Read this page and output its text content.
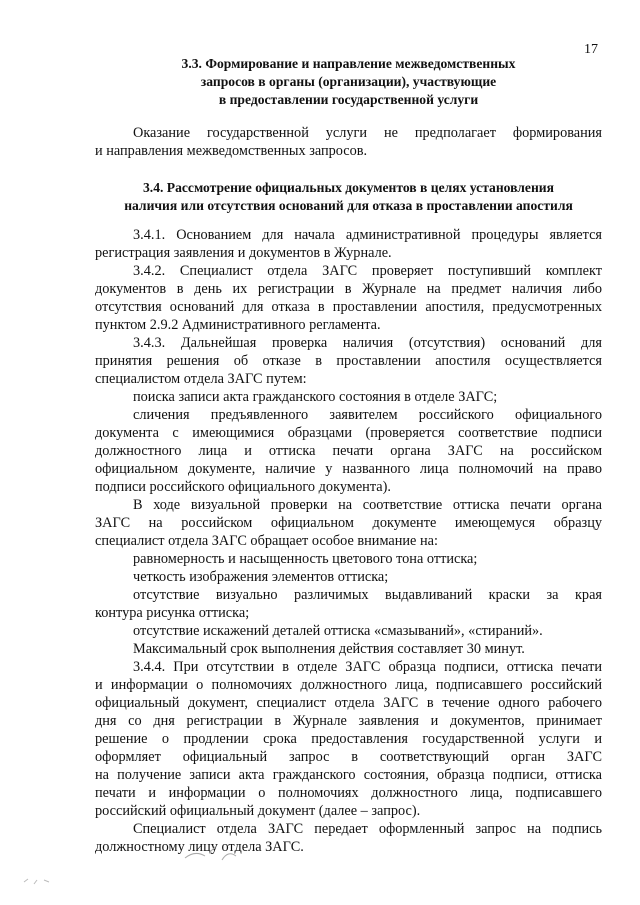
17
3.3. Формирование и направление межведомственных
запросов в органы (организации), участвующие
в предоставлении государственной услуги
Оказание государственной услуги не предполагает формирования
и направления межведомственных запросов.
3.4. Рассмотрение официальных документов в целях установления
наличия или отсутствия оснований для отказа в проставлении апостиля
3.4.1. Основанием для начала административной процедуры является
регистрация заявления и документов в Журнале.
3.4.2. Специалист отдела ЗАГС проверяет поступивший комплект
документов в день их регистрации в Журнале на предмет наличия либо
отсутствия оснований для отказа в проставлении апостиля, предусмотренных
пунктом 2.9.2 Административного регламента.
3.4.3. Дальнейшая проверка наличия (отсутствия) оснований для
принятия решения об отказе в проставлении апостиля осуществляется
специалистом отдела ЗАГС путем:
поиска записи акта гражданского состояния в отделе ЗАГС;
сличения предъявленного заявителем российского официального
документа с имеющимися образцами (проверяется соответствие подписи
должностного лица и оттиска печати органа ЗАГС на российском
официальном документе, наличие у названного лица полномочий на право
подписи российского официального документа).
В ходе визуальной проверки на соответствие оттиска печати органа
ЗАГС на российском официальном документе имеющемуся образцу
специалист отдела ЗАГС обращает особое внимание на:
равномерность и насыщенность цветового тона оттиска;
четкость изображения элементов оттиска;
отсутствие визуально различимых выдавливаний краски за края
контура рисунка оттиска;
отсутствие искажений деталей оттиска «смазываний», «стираний».
Максимальный срок выполнения действия составляет 30 минут.
3.4.4. При отсутствии в отделе ЗАГС образца подписи, оттиска печати
и информации о полномочиях должностного лица, подписавшего российский
официальный документ, специалист отдела ЗАГС в течение одного рабочего
дня со дня регистрации в Журнале заявления и документов, принимает
решение о продлении срока предоставления государственной услуги и
оформляет официальный запрос в соответствующий орган ЗАГС
на получение записи акта гражданского состояния, образца подписи, оттиска
печати и информации о полномочиях должностного лица, подписавшего
российский официальный документ (далее – запрос).
Специалист отдела ЗАГС передает оформленный запрос на подпись
должностному лицу отдела ЗАГС.
